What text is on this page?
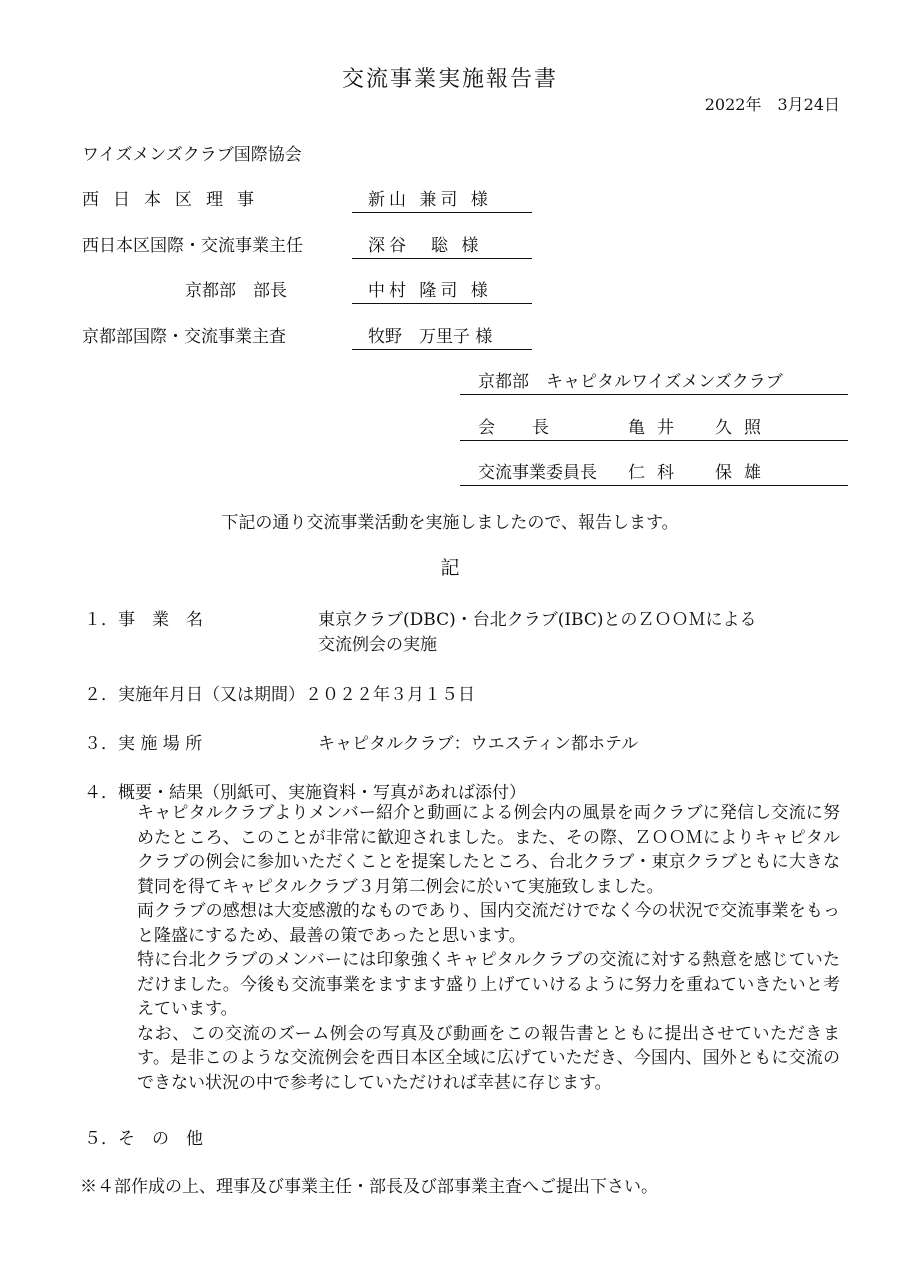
交流事業実施報告書
2022年　3月24日
ワイズメンズクラブ国際協会
西日本区理事	新山 兼司 様
西日本区国際・交流事業主任	深谷　聡 様
京都部　部長	中村 隆司 様
京都部国際・交流事業主査	牧野　万里子 様
京都部　キャピタルワイズメンズクラブ
会　長	亀井　久照
交流事業委員長	仁科　保雄
下記の通り交流事業活動を実施しましたので、報告します。
記
１．事　業　名	東京クラブ(DBC)・台北クラブ(IBC)とのＺＯＯＭによる
交流例会の実施
２．実施年月日（又は期間）２０２２年３月１５日
３．実 施 場 所	キャピタルクラブ：ウエスティン都ホテル
４．概要・結果（別紙可、実施資料・写真があれば添付）

キャピタルクラブよりメンバー紹介と動画による例会内の風景を両クラブに発信し交流に努めたところ、このことが非常に歓迎されました。また、その際、ＺＯＯＭによりキャピタルクラブの例会に参加いただくことを提案したところ、台北クラブ・東京クラブともに大きな賛同を得てキャピタルクラブ３月第二例会に於いて実施致しました。

両クラブの感想は大変感激的なものであり、国内交流だけでなく今の状況で交流事業をもっと隆盛にするため、最善の策であったと思います。

特に台北クラブのメンバーには印象強くキャピタルクラブの交流に対する熱意を感じていただけました。今後も交流事業をますます盛り上げていけるように努力を重ねていきたいと考えています。

なお、この交流のズーム例会の写真及び動画をこの報告書とともに提出させていただきます。是非このような交流例会を西日本区全域に広げていただき、今国内、国外ともに交流のできない状況の中で参考にしていただければ幸甚に存じます。

５．そ　の　他
※４部作成の上、理事及び事業主任・部長及び部事業主査へご提出下さい。
